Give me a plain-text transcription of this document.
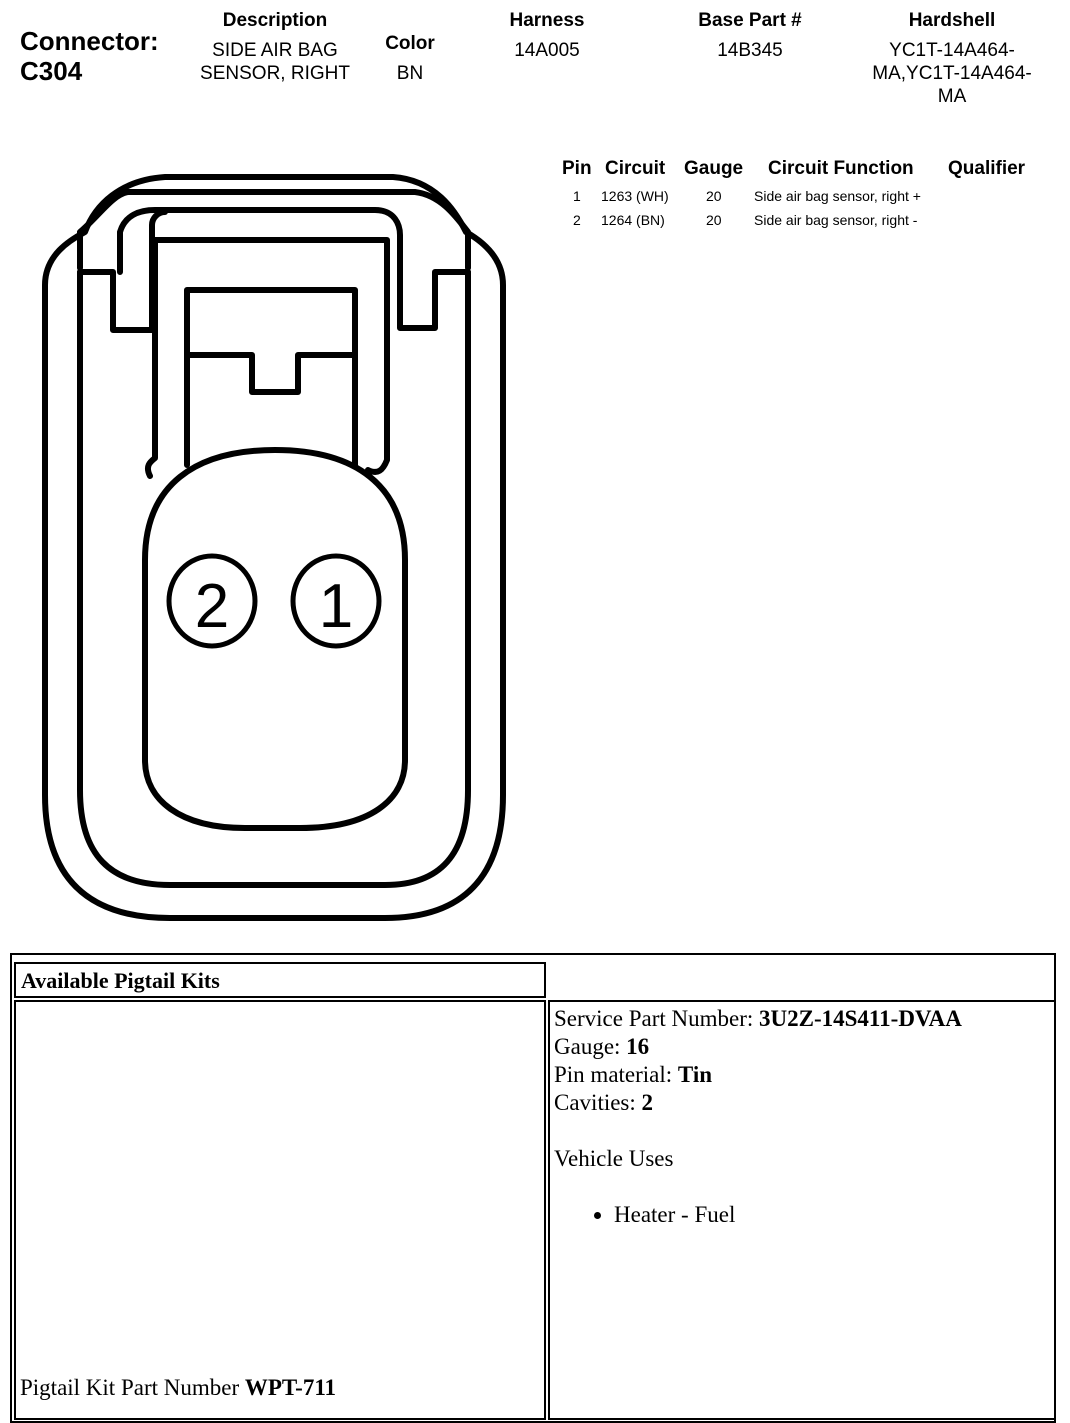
Connector:
C304
Description
SIDE AIR BAG
SENSOR, RIGHT
Color
BN
Harness
14A005
Base Part #
14B345
Hardshell
YC1T-14A464-
MA,YC1T-14A464-
MA
Pin Circuit Gauge Circuit Function Qualifier
1 1263 (WH)	20 Side air bag sensor, right +
2 1264 (BN)	20 Side air bag sensor, right -
2 1
Available Pigtail Kits
Pigtail Kit Part Number WPT-711
Service Part Number: 3U2Z-14S411-DVAA
Gauge: 16
Pin material: Tin
Cavities: 2
Vehicle Uses
• Heater - Fuel
